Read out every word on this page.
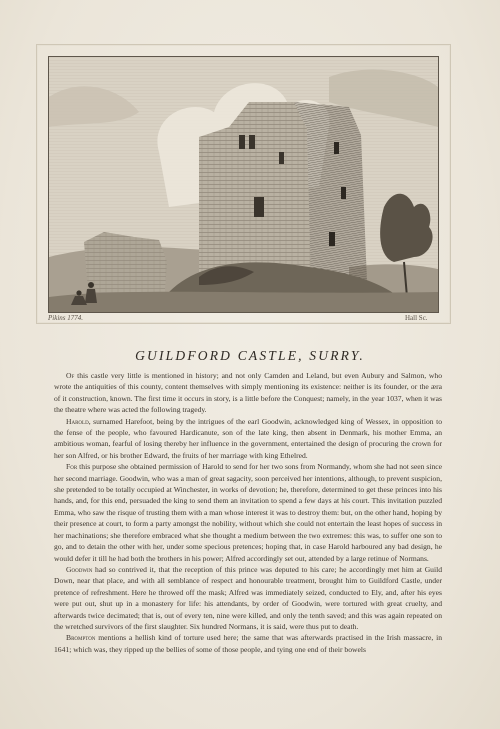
Pikins 1774.	Hall Sc.
GUILDFORD CASTLE, SURRY.

Of this castle very little is mentioned in history; and not only Camden and Leland, but even Aubury and Salmon, who wrote the antiquities of this county, content themselves with simply mentioning its existence: neither is its founder, or the æra of it construction, known. The first time it occurs in story, is a little before the Conquest; namely, in the year 1037, when it was the theatre where was acted the following tragedy.

Harold, surnamed Harefoot, being by the intrigues of the earl Goodwin, acknowledged king of Wessex, in opposition to the fense of the people, who favoured Hardicanute, son of the late king, then absent in Denmark, his mother Emma, an ambitious woman, fearful of losing thereby her influence in the government, entertained the design of procuring the crown for her son Alfred, or his brother Edward, the fruits of her marriage with king Ethelred.

For this purpose she obtained permission of Harold to send for her two sons from Normandy, whom she had not seen since her second marriage. Goodwin, who was a man of great sagacity, soon perceived her intentions, although, to prevent suspicion, she pretended to be totally occupied at Winchester, in works of devotion; he, therefore, determined to get these princes into his hands, and, for this end, persuaded the king to send them an invitation to spend a few days at his court. This invitation puzzled Emma, who saw the risque of trusting them with a man whose interest it was to destroy them: but, on the other hand, hoping by their presence at court, to form a party amongst the nobility, without which she could not entertain the least hopes of success in her machinations; she therefore embraced what she thought a medium between the two extremes: this was, to suffer one son to go, and to detain the other with her, under some specious pretences; hoping that, in case Harold harboured any bad design, he would defer it till he had both the brothers in his power; Alfred accordingly set out, attended by a large retinue of Normans.

Goodwin had so contrived it, that the reception of this prince was deputed to his care; he accordingly met him at Guild Down, near that place, and with all semblance of respect and honourable treatment, brought him to Guildford Castle, under pretence of refreshment. Here he throwed off the mask; Alfred was immediately seized, conducted to Ely, and, after his eyes were put out, shut up in a monastery for life: his attendants, by order of Goodwin, were tortured with great cruelty, and afterwards twice decimated; that is, out of every ten, nine were killed, and only the tenth saved; and this was again repeated on the wretched survivors of the first slaughter. Six hundred Normans, it is said, were thus put to death.

Brompton mentions a hellish kind of torture used here; the same that was afterwards practised in the Irish massacre, in 1641; which was, they ripped up the bellies of some of those people, and tying one end of their bowels
